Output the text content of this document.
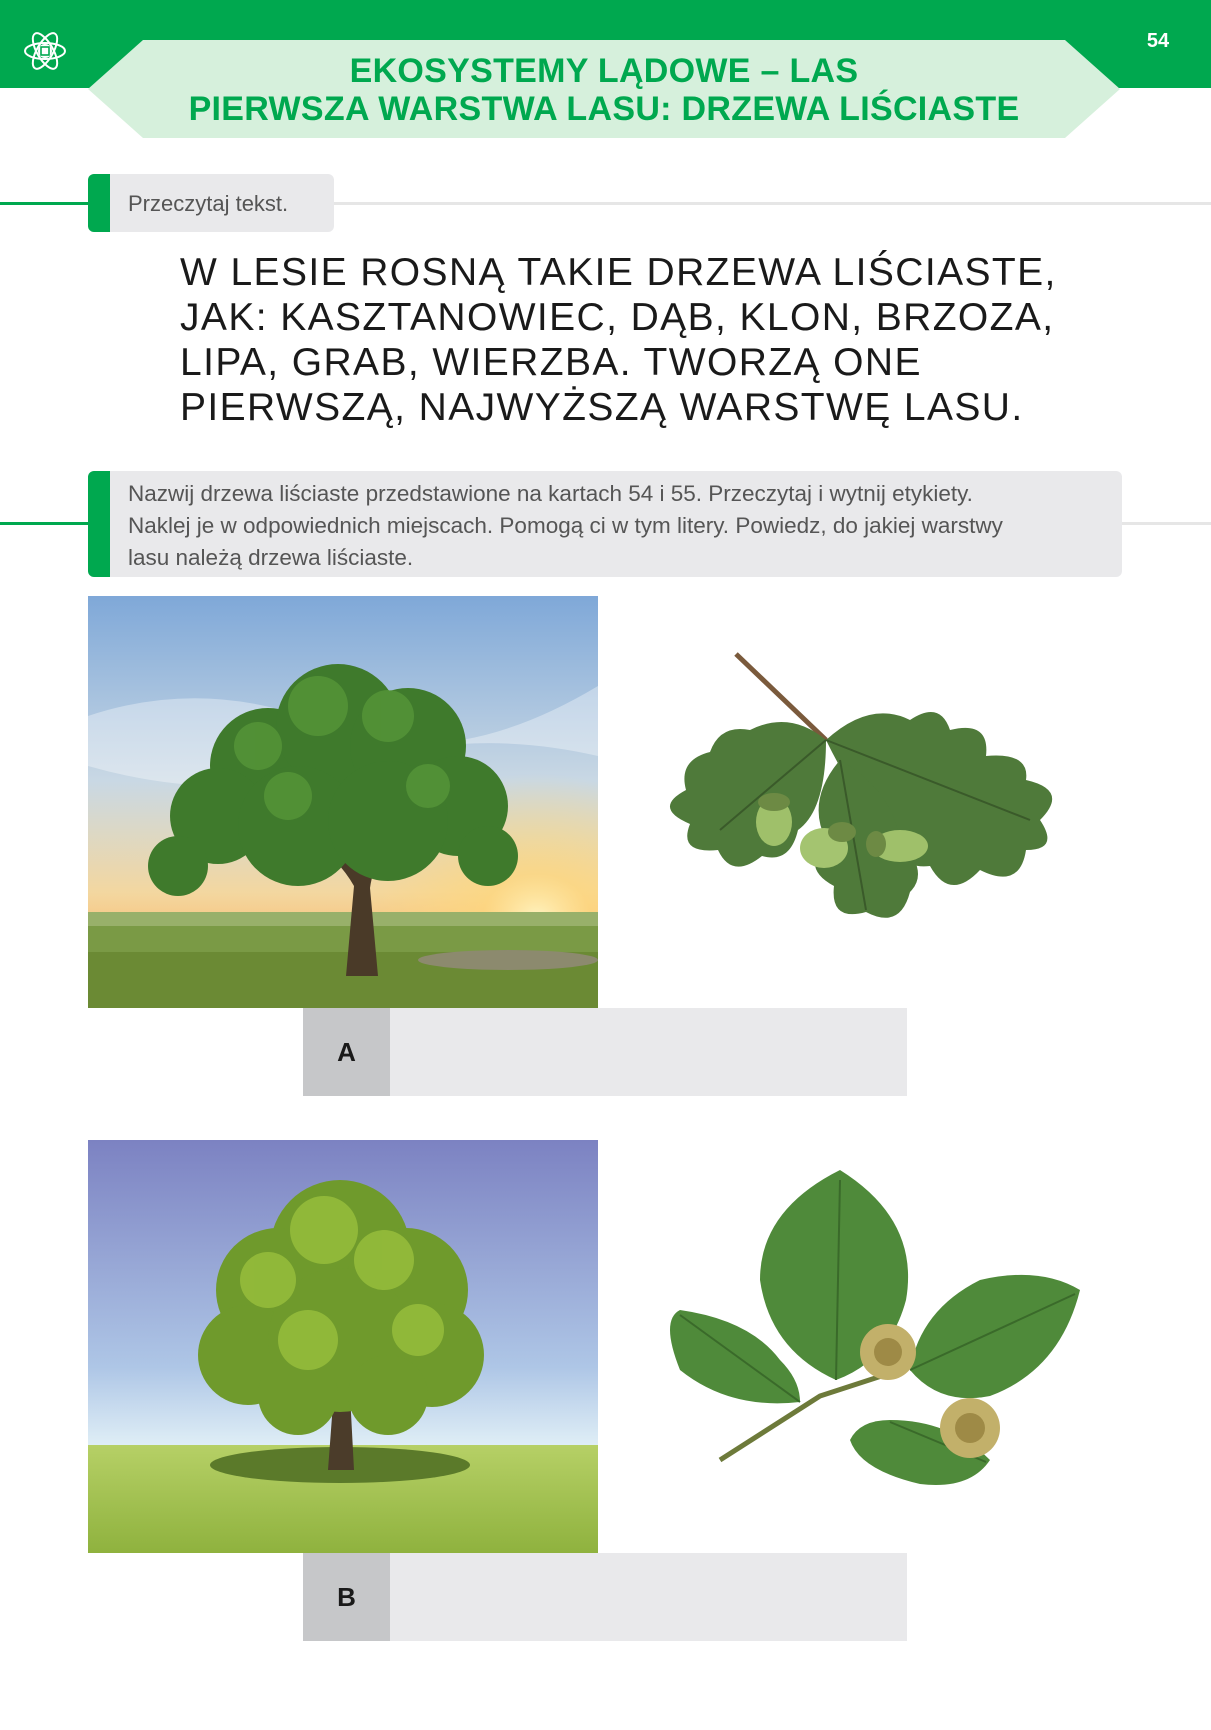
54
EKOSYSTEMY LĄDOWE – LAS
PIERWSZA WARSTWA LASU: DRZEWA LIŚCIASTE
Przeczytaj tekst.
W LESIE ROSNĄ TAKIE DRZEWA LIŚCIASTE,
JAK: KASZTANOWIEC, DĄB, KLON, BRZOZA,
LIPA, GRAB, WIERZBA. TWORZĄ ONE
PIERWSZĄ, NAJWYŻSZĄ WARSTWĘ LASU.
Nazwij drzewa liściaste przedstawione na kartach 54 i 55. Przeczytaj i wytnij etykiety.
Naklej je w odpowiednich miejscach. Pomogą ci w tym litery. Powiedz, do jakiej warstwy
lasu należą drzewa liściaste.
A
B
